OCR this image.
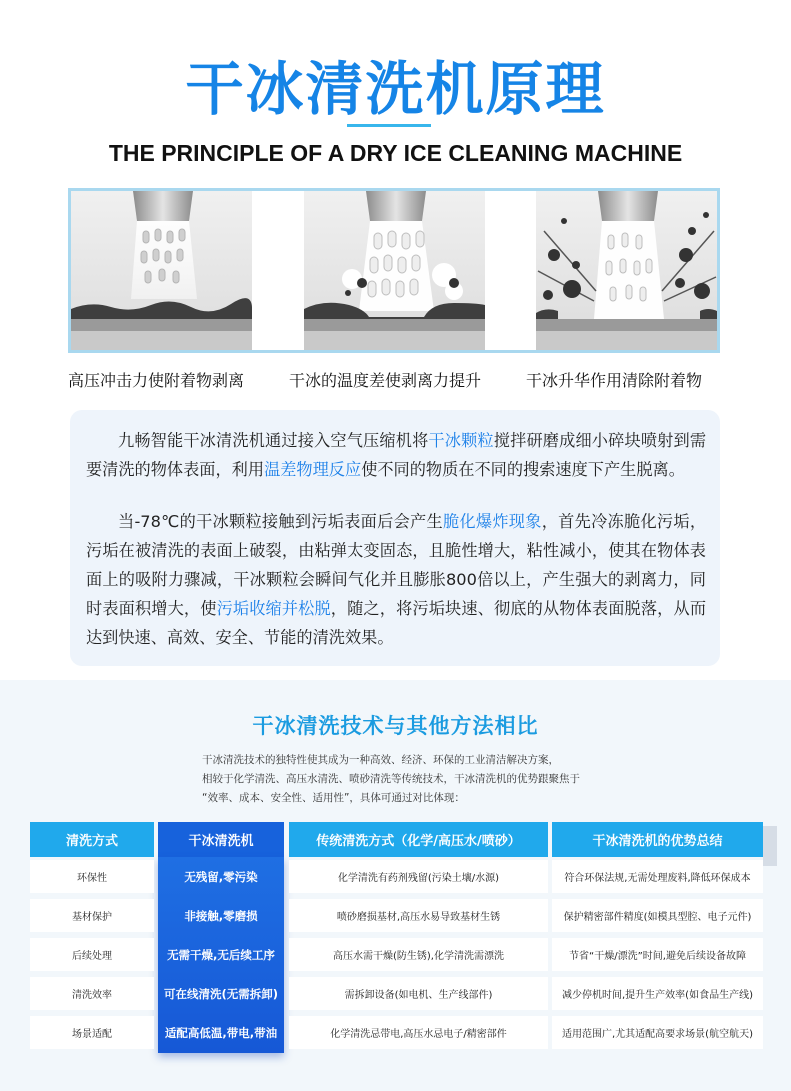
干冰清洗机原理
THE PRINCIPLE OF A DRY ICE CLEANING MACHINE
高压冲击力使附着物剥离	干冰的温度差使剥离力提升	干冰升华作用清除附着物

九畅智能干冰清洗机通过接入空气压缩机将干冰颗粒搅拌研磨成细小碎块喷射到需要清洗的物体表面，利用温差物理反应使不同的物质在不同的搜索速度下产生脱离。

当-78℃的干冰颗粒接触到污垢表面后会产生脆化爆炸现象，首先冷冻脆化污垢，污垢在被清洗的表面上破裂，由粘弹太变固态，且脆性增大，粘性减小，使其在物体表面上的吸附力骤减，干冰颗粒会瞬间气化并且膨胀800倍以上，产生强大的剥离力，同时表面积增大，使污垢收缩并松脱，随之，将污垢块速、彻底的从物体表面脱落，从而达到快速、高效、安全、节能的清洗效果。

干冰清洗技术与其他方法相比
干冰清洗技术的独特性使其成为一种高效、经济、环保的工业清洁解决方案，
相较于化学清洗、高压水清洗、喷砂清洗等传统技术，干冰清洗机的优势跟聚焦于
“效率、成本、安全性、适用性”，具体可通过对比体现：
清洗方式	干冰清洗机	传统清洗方式（化学/高压水/喷砂）	干冰清洗机的优势总结
环保性	无残留,零污染	化学清洗有药剂残留(污染土壤/水源)	符合环保法规,无需处理废料,降低环保成本
基材保护	非接触,零磨损	喷砂磨损基材,高压水易导致基材生锈	保护精密部件精度(如模具型腔、电子元件)
后续处理	无需干燥,无后续工序	高压水需干燥(防生锈),化学清洗需漂洗	节省“干燥/漂洗”时间,避免后续设备故障
清洗效率	可在线清洗(无需拆卸)	需拆卸设备(如电机、生产线部件)	减少停机时间,提升生产效率(如食品生产线)
场景适配	适配高低温,带电,带油	化学清洗忌带电,高压水忌电子/精密部件	适用范围广,尤其适配高要求场景(航空航天)
